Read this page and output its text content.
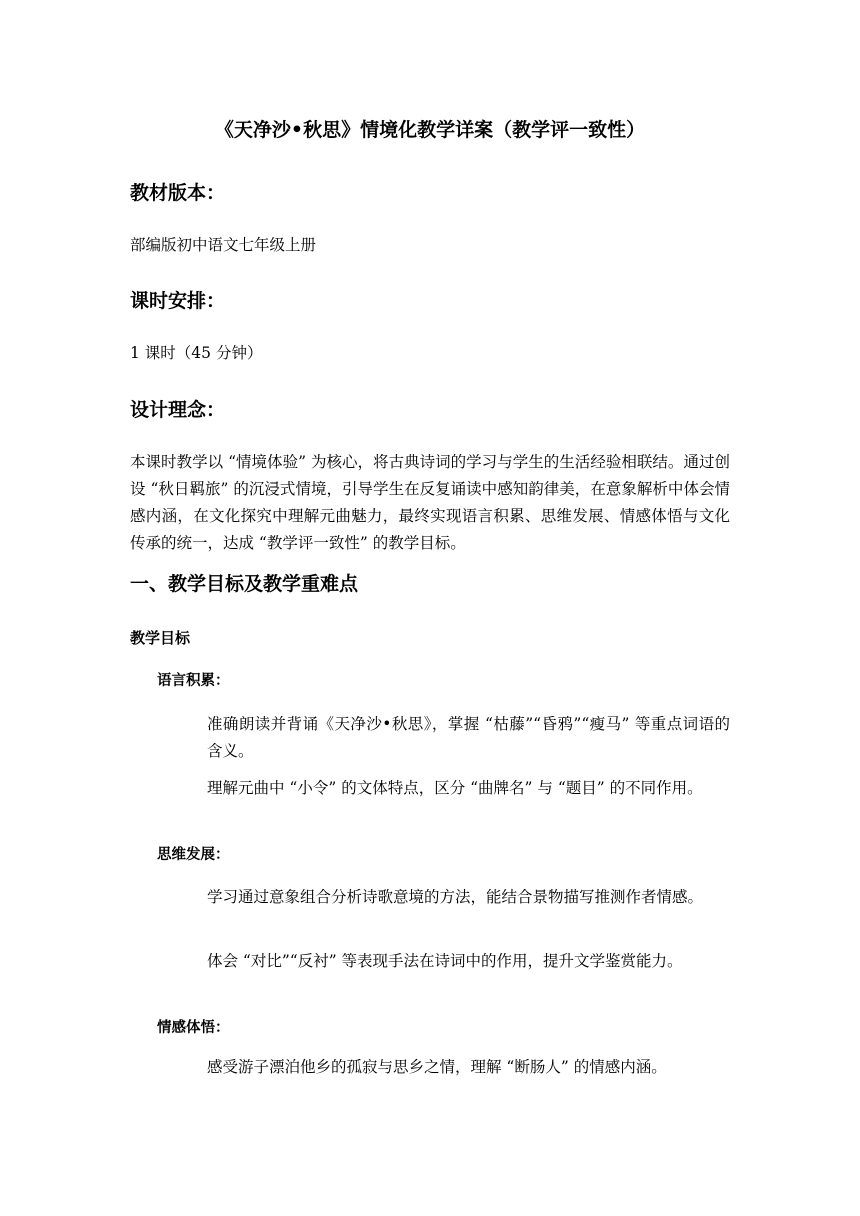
《天净沙•秋思》情境化教学详案（教学评一致性）
教材版本：

部编版初中语文七年级上册

课时安排：

1 课时（45 分钟）

设计理念：

本课时教学以 “情境体验” 为核心，将古典诗词的学习与学生的生活经验相联结。通过创设 “秋日羁旅” 的沉浸式情境，引导学生在反复诵读中感知韵律美，在意象解析中体会情感内涵，在文化探究中理解元曲魅力，最终实现语言积累、思维发展、情感体悟与文化传承的统一，达成 “教学评一致性” 的教学目标。

一、教学目标及教学重难点
教学目标
语言积累：

准确朗读并背诵《天净沙•秋思》，掌握 “枯藤”“昏鸦”“瘦马” 等重点词语的含义。

理解元曲中 “小令” 的文体特点，区分 “曲牌名” 与 “题目” 的不同作用。

思维发展：

学习通过意象组合分析诗歌意境的方法，能结合景物描写推测作者情感。

体会 “对比”“反衬” 等表现手法在诗词中的作用，提升文学鉴赏能力。

情感体悟：

感受游子漂泊他乡的孤寂与思乡之情，理解 “断肠人” 的情感内涵。
